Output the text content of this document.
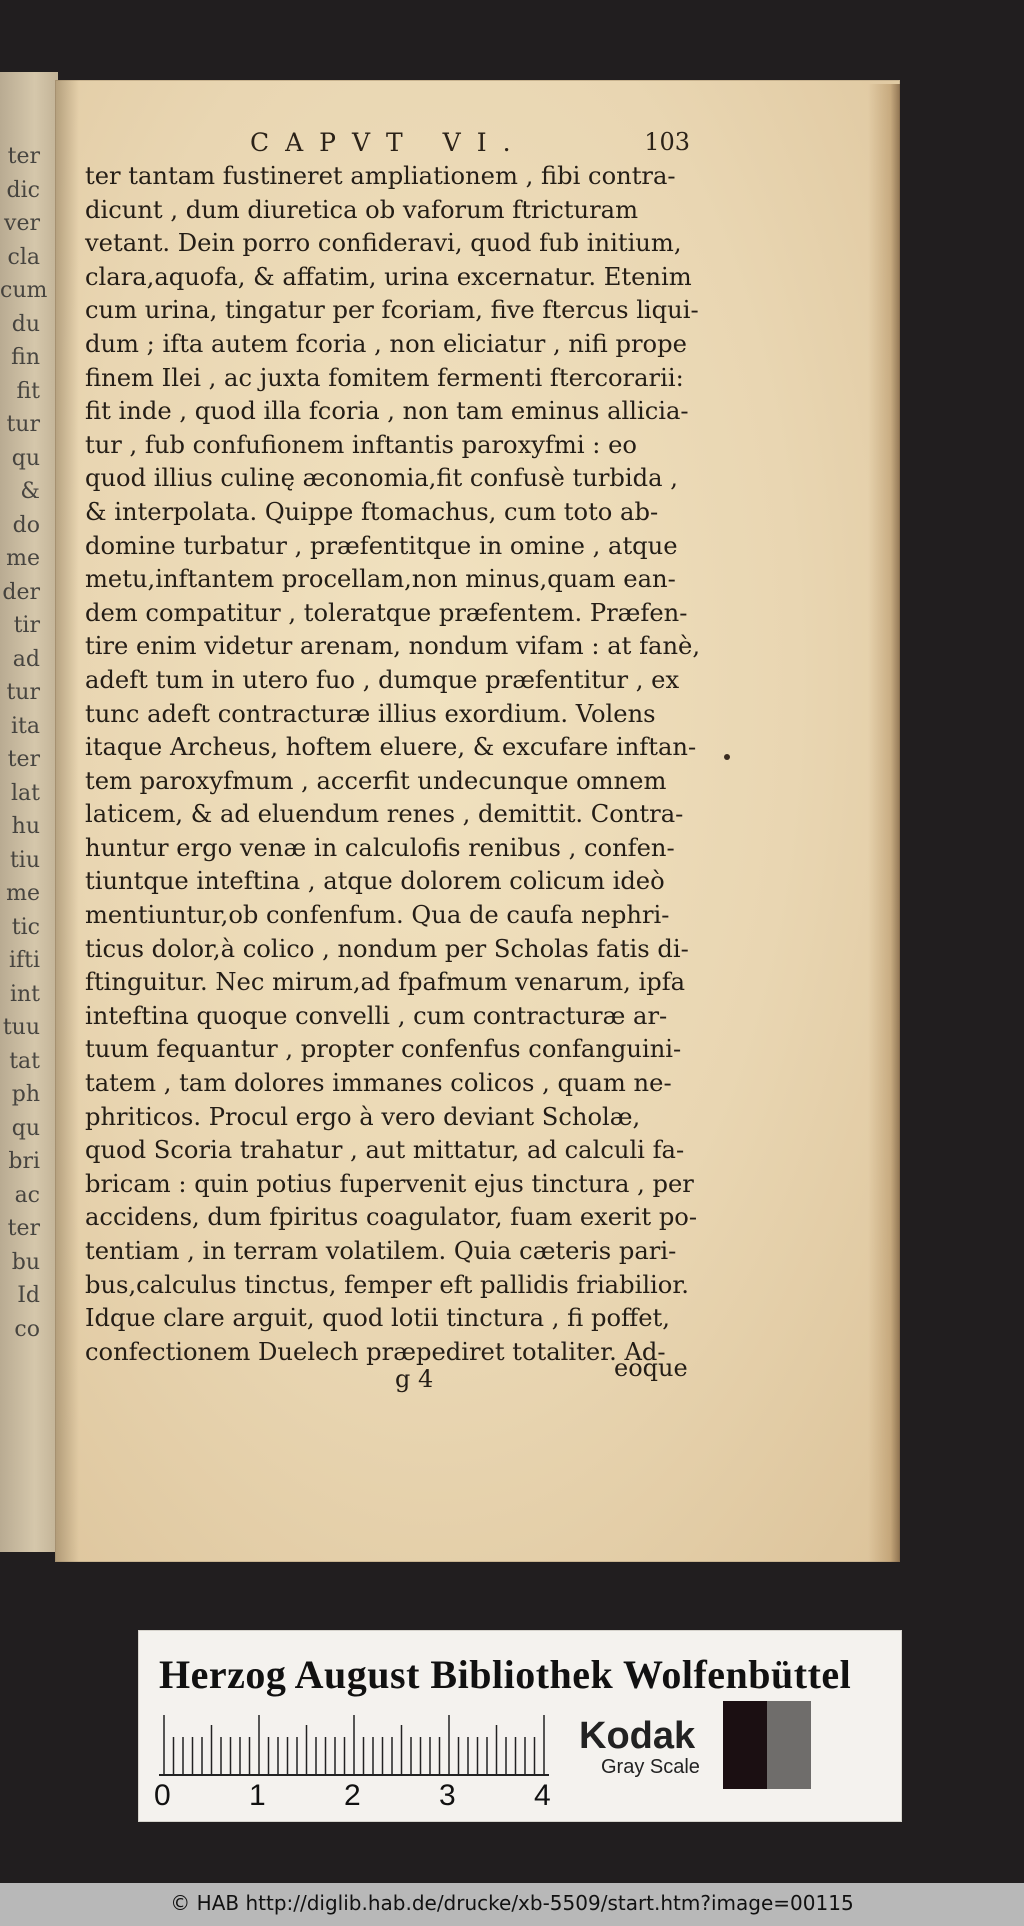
ter
dic
ver
cla
cum
du
fin
fit
tur
qu
&
do
me
der
tir
ad
tur
ita
ter
lat
hu
tiu
me
tic
ifti
int
tuu
tat
ph
qu
bri
ac
ter
bu
Id
co
CAPVT VI.	103
ter tantam fustineret ampliationem , fibi contra-
dicunt , dum diuretica ob vaforum ftricturam
vetant. Dein porro confideravi, quod fub initium,
clara,aquofa, & affatim, urina excernatur. Etenim
cum urina, tingatur per fcoriam, five ftercus liqui-
dum ; ifta autem fcoria , non eliciatur , nifi prope
finem Ilei , ac juxta fomitem fermenti ftercorarii:
fit inde , quod illa fcoria , non tam eminus allicia-
tur , fub confufionem inftantis paroxyfmi : eo
quod illius culinę æconomia,fit confusè turbida ,
& interpolata. Quippe ftomachus, cum toto ab-
domine turbatur , præfentitque in omine , atque
metu,inftantem procellam,non minus,quam ean-
dem compatitur , toleratque præfentem. Præfen-
tire enim videtur arenam, nondum vifam : at fanè,
adeft tum in utero fuo , dumque præfentitur , ex
tunc adeft contracturæ illius exordium. Volens
itaque Archeus, hoftem eluere, & excufare inftan-
tem paroxyfmum , accerfit undecunque omnem
laticem, & ad eluendum renes , demittit. Contra-
huntur ergo venæ in calculofis renibus , confen-
tiuntque inteftina , atque dolorem colicum ideò
mentiuntur,ob confenfum. Qua de caufa nephri-
ticus dolor,à colico , nondum per Scholas fatis di-
ftinguitur. Nec mirum,ad fpafmum venarum, ipfa
inteftina quoque convelli , cum contracturæ ar-
tuum fequantur , propter confenfus confanguini-
tatem , tam dolores immanes colicos , quam ne-
phriticos. Procul ergo à vero deviant Scholæ,
quod Scoria trahatur , aut mittatur, ad calculi fa-
bricam : quin potius fupervenit ejus tinctura , per
accidens, dum fpiritus coagulator, fuam exerit po-
tentiam , in terram volatilem. Quia cæteris pari-
bus,calculus tinctus, femper eft pallidis friabilior.
Idque clare arguit, quod lotii tinctura , fi poffet,
confectionem Duelech præpediret totaliter. Ad-
g 4	eoque
Herzog August Bibliothek Wolfenbüttel
0	1	2	3	4
Kodak
Gray Scale
© HAB http://diglib.hab.de/drucke/xb-5509/start.htm?image=00115
